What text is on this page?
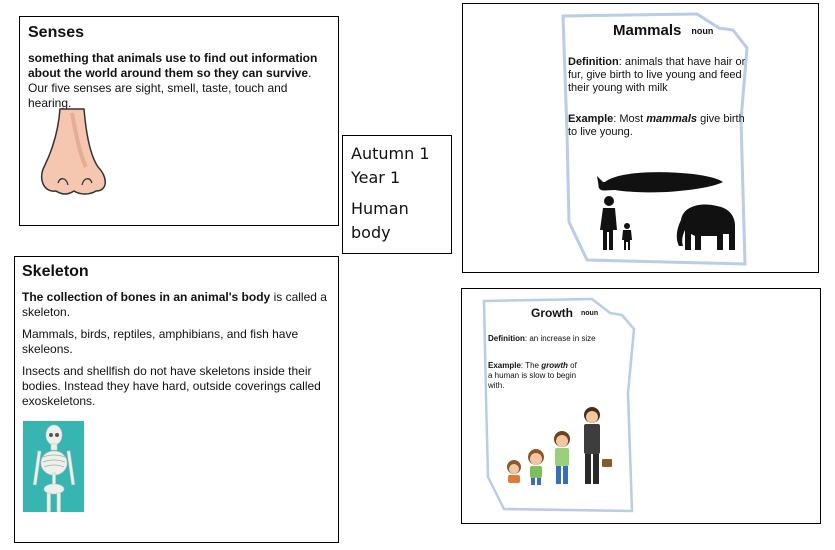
Senses

something that animals use to find out information about the world around them so they can survive. Our five senses are sight, smell, taste, touch and hearing.

Autumn 1
Year 1
Human
body

Skeleton

The collection of bones in an animal's body is called a skeleton.

Mammals, birds, reptiles, amphibians, and fish have skeleons.

Insects and shellfish do not have skeletons inside their bodies. Instead they have hard, outside coverings called exoskeletons.

Mammals noun

Definition: animals that have hair or fur, give birth to live young and feed their young with milk

Example: Most mammals give birth to live young.

Growth noun

Definition: an increase in size

Example: The growth of a human is slow to begin with.
